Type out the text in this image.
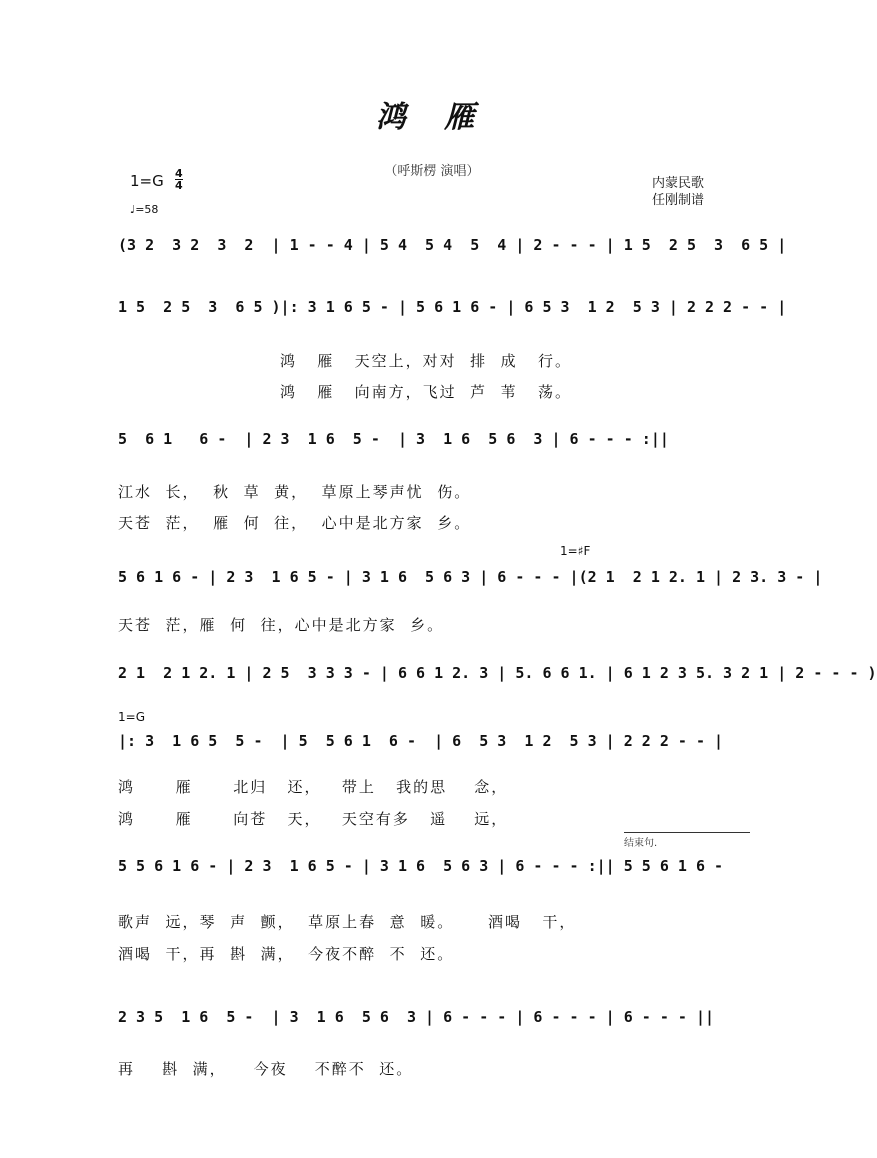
鸿 雁
（呼斯楞 演唱）
1=G 4
4
♩=58
内蒙民歌
任刚制谱
1=♯F
1=G
结束句.
(3 2  3 2  3  2  | 1 - - 4 | 5 4  5 4  5  4 | 2 - - - | 1 5  2 5  3  6 5 |
1 5  2 5  3  6 5 )|: 3 1 6 5 - | 5 6 1 6 - | 6 5 3  1 2  5 3 | 2 2 2 - - |
鸿   雁   天空上，对对  排  成   行。
鸿   雁   向南方，飞过  芦  苇   荡。
5  6 1   6 -  | 2 3  1 6  5 -  | 3  1 6  5 6  3 | 6 - - - :||
江水  长，  秋  草  黄，  草原上琴声忧  伤。
天苍  茫，  雁  何  往，  心中是北方家  乡。
5 6 1 6 - | 2 3  1 6 5 - | 3 1 6  5 6 3 | 6 - - - |(2 1  2 1 2. 1 | 2 3. 3 - |
天苍  茫，雁  何  往，心中是北方家  乡。
2 1  2 1 2. 1 | 2 5  3 3 3 - | 6 6 1 2. 3 | 5. 6 6 1. | 6 1 2 3 5. 3 2 1 | 2 - - - )
|: 3  1 6 5  5 -  | 5  5 6 1  6 -  | 6  5 3  1 2  5 3 | 2 2 2 - - |
鸿      雁      北归   还，   带上   我的思    念，
鸿      雁      向苍   天，   天空有多   遥    远，
5 5 6 1 6 - | 2 3  1 6 5 - | 3 1 6  5 6 3 | 6 - - - :|| 5 5 6 1 6 -
歌声  远，琴  声  颤，  草原上春  意  暖。     酒喝   干，
酒喝  干，再  斟  满，  今夜不醉  不  还。
2 3 5  1 6  5 -  | 3  1 6  5 6  3 | 6 - - - | 6 - - - | 6 - - - ||
再    斟  满，    今夜    不醉不  还。
